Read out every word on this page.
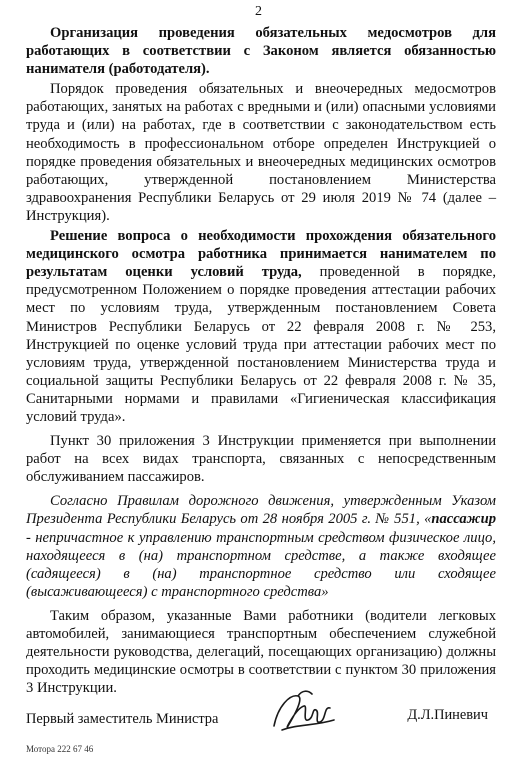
2

Организация проведения обязательных медосмотров для работающих в соответствии с Законом является обязанностью нанимателя (работодателя).

Порядок проведения обязательных и внеочередных медосмотров работающих, занятых на работах с вредными и (или) опасными условиями труда и (или) на работах, где в соответствии с законодательством есть необходимость в профессиональном отборе определен Инструкцией о порядке проведения обязательных и внеочередных медицинских осмотров работающих, утвержденной постановлением Министерства здравоохранения Республики Беларусь от 29 июля 2019 № 74 (далее – Инструкция).

Решение вопроса о необходимости прохождения обязательного медицинского осмотра работника принимается нанимателем по результатам оценки условий труда, проведенной в порядке, предусмотренном Положением о порядке проведения аттестации рабочих мест по условиям труда, утвержденным постановлением Совета Министров Республики Беларусь от 22 февраля 2008 г. № 253, Инструкцией по оценке условий труда при аттестации рабочих мест по условиям труда, утвержденной постановлением Министерства труда и социальной защиты Республики Беларусь от 22 февраля 2008 г. № 35, Санитарными нормами и правилами «Гигиеническая классификация условий труда».

Пункт 30 приложения 3 Инструкции применяется при выполнении работ на всех видах транспорта, связанных с непосредственным обслуживанием пассажиров.

Согласно Правилам дорожного движения, утвержденным Указом Президента Республики Беларусь от 28 ноября 2005 г. № 551, «пассажир - непричастное к управлению транспортным средством физическое лицо, находящееся в (на) транспортном средстве, а также входящее (садящееся) в (на) транспортное средство или сходящее (высаживающееся) с транспортного средства»

Таким образом, указанные Вами работники (водители легковых автомобилей, занимающиеся транспортным обеспечением служебной деятельности руководства, делегаций, посещающих организацию) должны проходить медицинские осмотры в соответствии с пунктом 30 приложения 3 Инструкции.

Первый заместитель Министра	Д.Л.Пиневич
Мотора 222 67 46
